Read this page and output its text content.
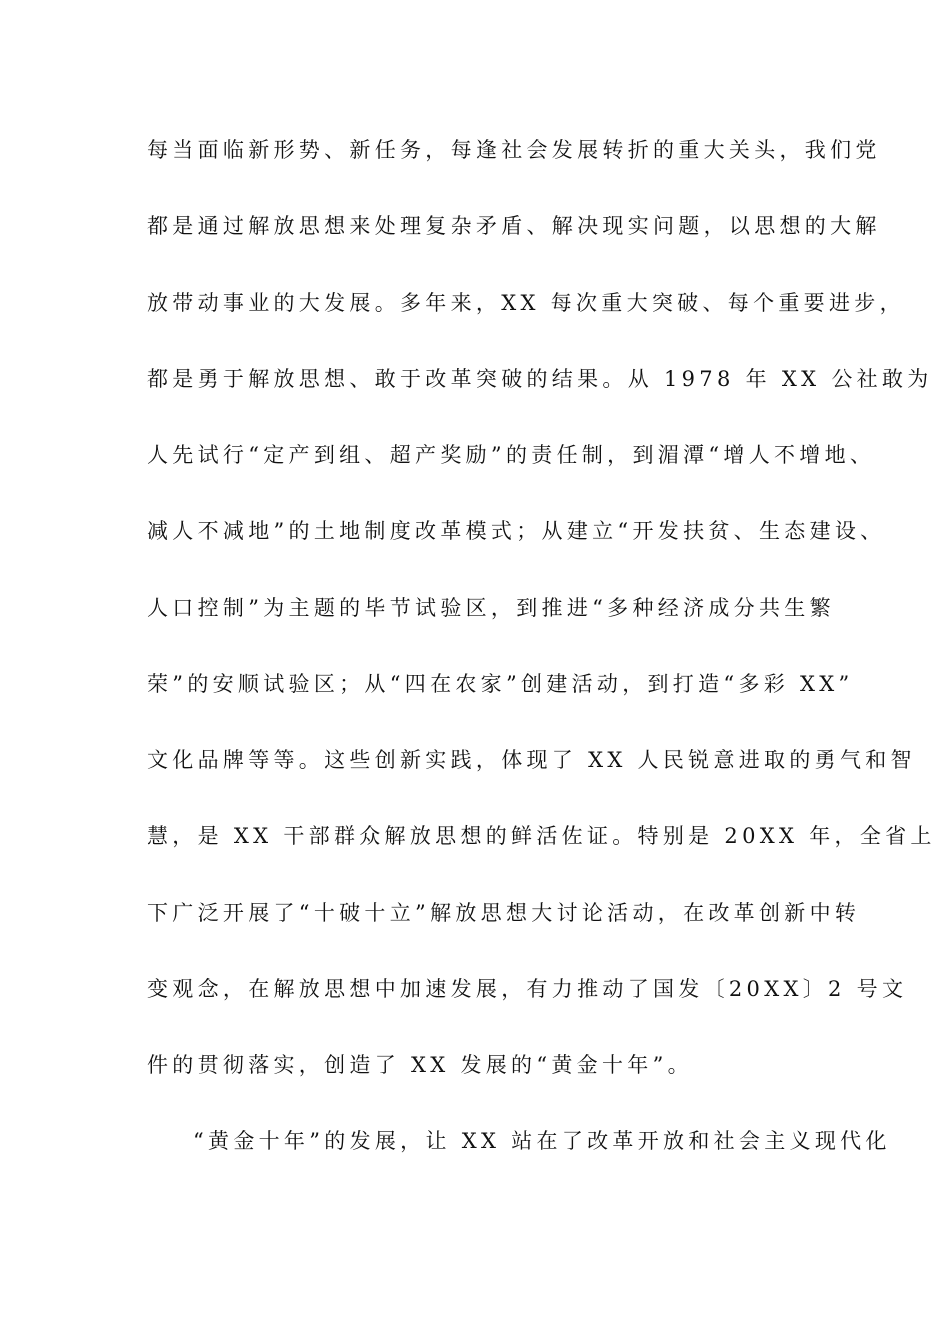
每当面临新形势、新任务，每逢社会发展转折的重大关头，我们党
都是通过解放思想来处理复杂矛盾、解决现实问题，以思想的大解
放带动事业的大发展。多年来，XX 每次重大突破、每个重要进步，
都是勇于解放思想、敢于改革突破的结果。从 1978 年 XX 公社敢为
人先试行“定产到组、超产奖励”的责任制，到湄潭“增人不增地、
减人不减地”的土地制度改革模式；从建立“开发扶贫、生态建设、
人口控制”为主题的毕节试验区，到推进“多种经济成分共生繁
荣”的安顺试验区；从“四在农家”创建活动，到打造“多彩 XX”
文化品牌等等。这些创新实践，体现了 XX 人民锐意进取的勇气和智
慧，是 XX 干部群众解放思想的鲜活佐证。特别是 20XX 年，全省上
下广泛开展了“十破十立”解放思想大讨论活动，在改革创新中转
变观念，在解放思想中加速发展，有力推动了国发〔20XX〕2 号文
件的贯彻落实，创造了 XX 发展的“黄金十年”。
“黄金十年”的发展，让 XX 站在了改革开放和社会主义现代化
